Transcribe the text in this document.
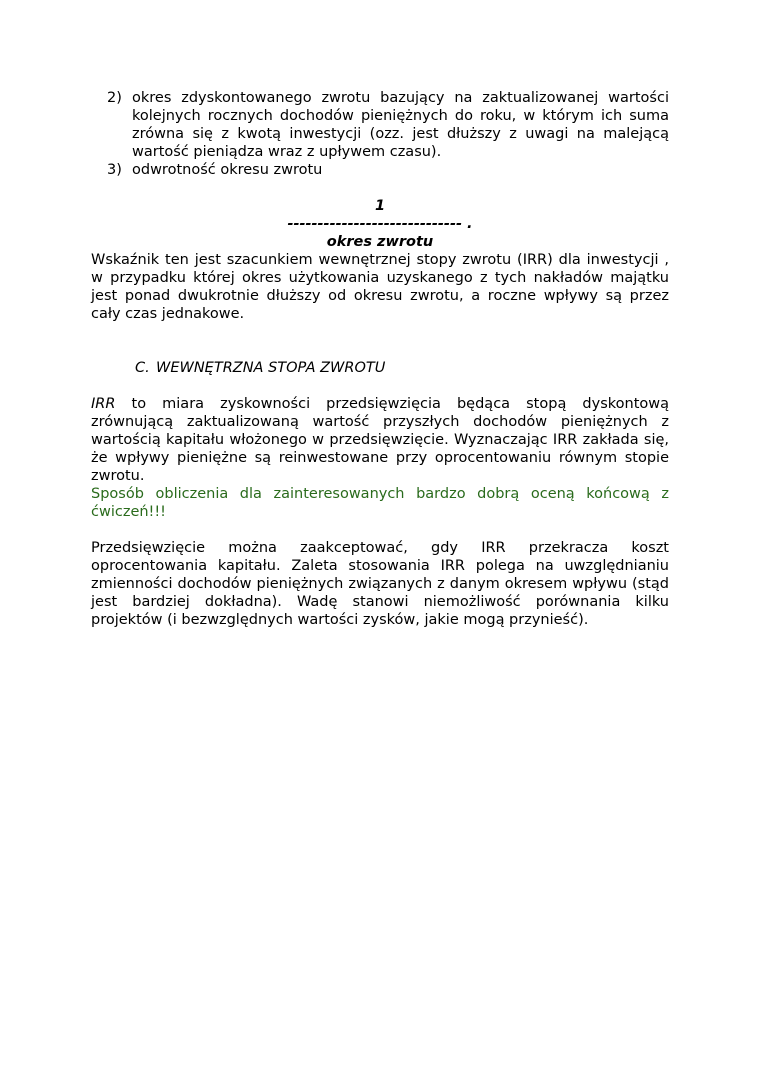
2) okres zdyskontowanego zwrotu bazujący na zaktualizowanej wartości kolejnych rocznych dochodów pieniężnych do roku, w którym ich suma zrówna się z kwotą inwestycji (ozz. jest dłuższy z uwagi na malejącą wartość pieniądza wraz z upływem czasu).
3) odwrotność okresu zwrotu
1
----------------------------- .
okres zwrotu

Wskaźnik ten jest szacunkiem wewnętrznej stopy zwrotu (IRR) dla inwestycji , w przypadku której okres użytkowania uzyskanego z tych nakładów majątku jest ponad dwukrotnie dłuższy od okresu zwrotu, a roczne wpływy są przez cały czas jednakowe.

C. WEWNĘTRZNA STOPA ZWROTU

IRR to miara zyskowności przedsięwzięcia będąca stopą dyskontową zrównującą zaktualizowaną wartość przyszłych dochodów pieniężnych z wartością kapitału włożonego w przedsięwzięcie. Wyznaczając IRR zakłada się, że wpływy pieniężne są reinwestowane przy oprocentowaniu równym stopie zwrotu.

Sposób obliczenia dla zainteresowanych bardzo dobrą oceną końcową z ćwiczeń!!!

Przedsięwzięcie można zaakceptować, gdy IRR przekracza koszt oprocentowania kapitału. Zaleta stosowania IRR polega na uwzględnianiu zmienności dochodów pieniężnych związanych z danym okresem wpływu (stąd jest bardziej dokładna). Wadę stanowi niemożliwość porównania kilku projektów (i bezwzględnych wartości zysków, jakie mogą przynieść).
